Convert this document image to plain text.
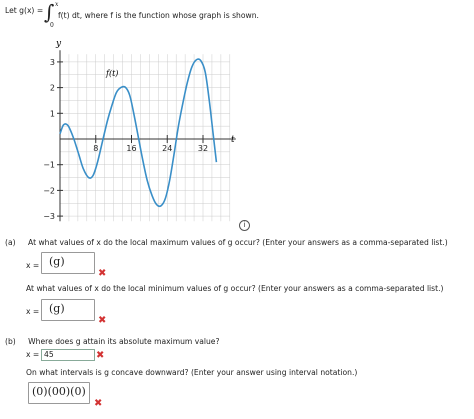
Let g(x) = ∫ x
0
f(t) dt, where f is the function whose graph is shown.
8	16	24	32
3
2
1
−1
−2
−3
f(t)
y
t
i
(a) At what values of x do the local maximum values of g occur? (Enter your answers as a comma-separated list.)
x = (g)
✖
At what values of x do the local minimum values of g occur? (Enter your answers as a comma-separated list.)
x = (g)
✖
(b) Where does g attain its absolute maximum value?
x = 45	✖
On what intervals is g concave downward? (Enter your answer using interval notation.)
(0)(00)(0)
✖
